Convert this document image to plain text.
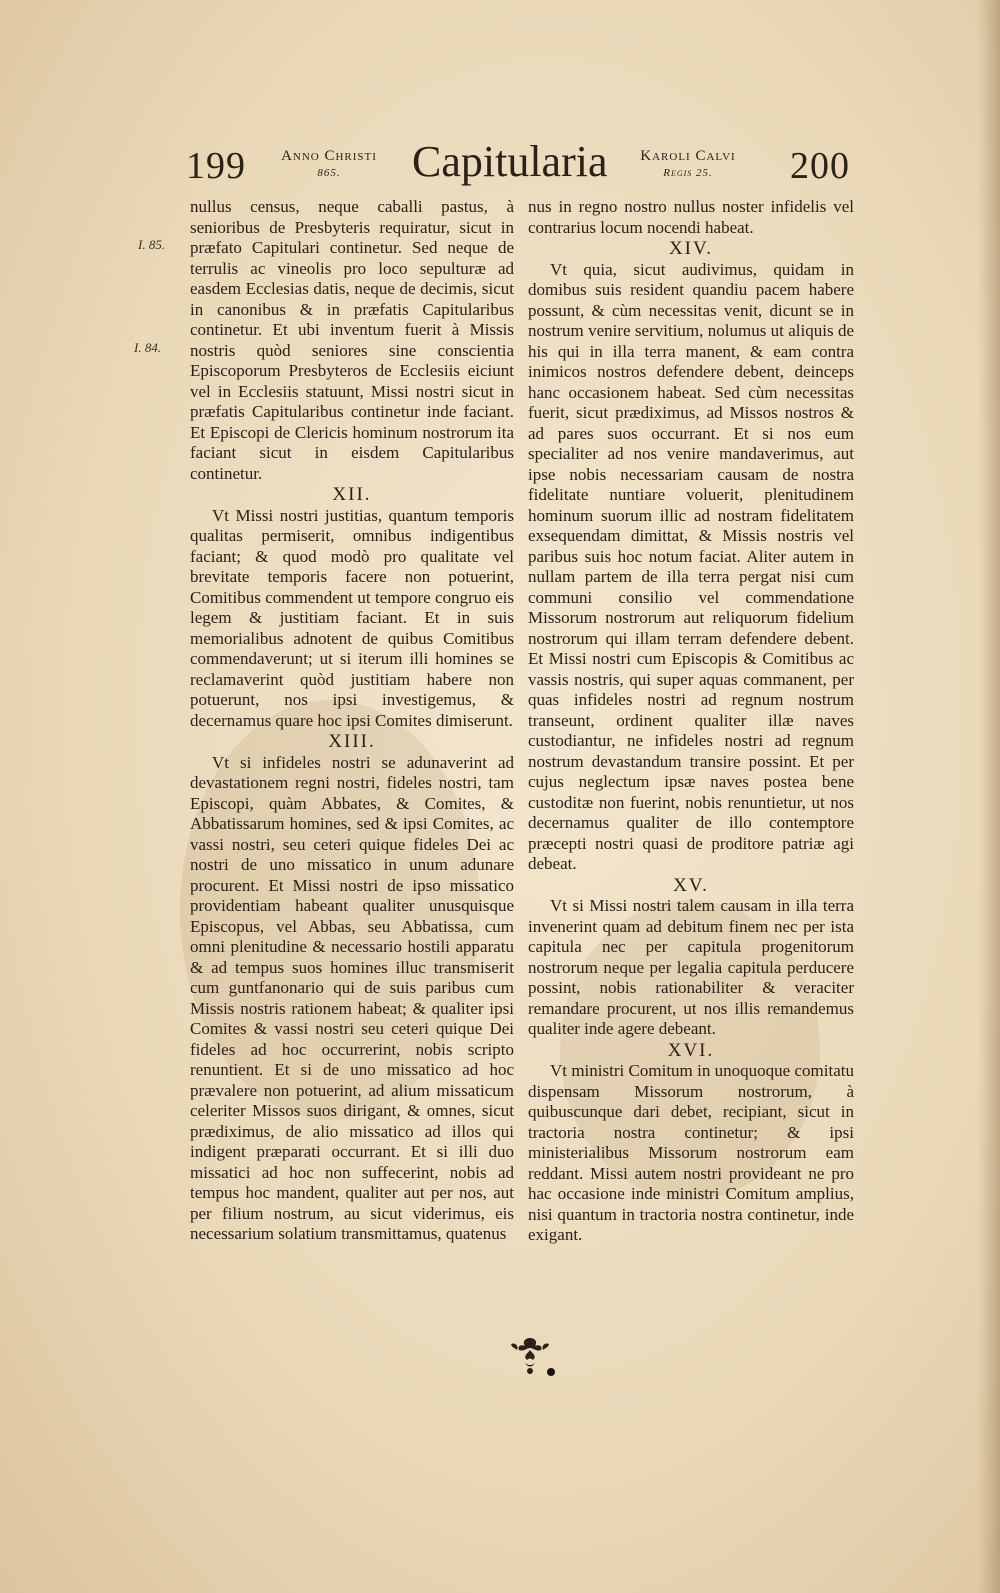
199	Anno Christi
865.	Capitularia	Karoli Calvi
Regis 25.	200
I. 85.
I. 84.

nullus census, neque caballi pastus, à senioribus de Presbyteris requiratur, sicut in præfato Capitulari continetur. Sed neque de terrulis ac vineolis pro loco sepulturæ ad easdem Ecclesias datis, neque de decimis, sicut in canonibus & in præfatis Capitularibus continetur. Et ubi inventum fuerit à Missis nostris quòd seniores sine conscientia Episcoporum Presbyteros de Ecclesiis eiciunt vel in Ecclesiis statuunt, Missi nostri sicut in præfatis Capitularibus continetur inde faciant. Et Episcopi de Clericis hominum nostrorum ita faciant sicut in eisdem Capitularibus continetur.

XII.

Vt Missi nostri justitias, quantum temporis qualitas permiserit, omnibus indigentibus faciant; & quod modò pro qualitate vel brevitate temporis facere non potuerint, Comitibus commendent ut tempore congruo eis legem & justitiam faciant. Et in suis memorialibus adnotent de quibus Comitibus commendaverunt; ut si iterum illi homines se reclamaverint quòd justitiam habere non potuerunt, nos ipsi investigemus, & decernamus quare hoc ipsi Comites dimiserunt.

XIII.

Vt si infideles nostri se adunaverint ad devastationem regni nostri, fideles nostri, tam Episcopi, quàm Abbates, & Comites, & Abbatissarum homines, sed & ipsi Comites, ac vassi nostri, seu ceteri quique fideles Dei ac nostri de uno missatico in unum adunare procurent. Et Missi nostri de ipso missatico providentiam habeant qualiter unusquisque Episcopus, vel Abbas, seu Abbatissa, cum omni plenitudine & necessario hostili apparatu & ad tempus suos homines illuc transmiserit cum guntfanonario qui de suis paribus cum Missis nostris rationem habeat; & qualiter ipsi Comites & vassi nostri seu ceteri quique Dei fideles ad hoc occurrerint, nobis scripto renuntient. Et si de uno missatico ad hoc prævalere non potuerint, ad alium missaticum celeriter Missos suos dirigant, & omnes, sicut prædiximus, de alio missatico ad illos qui indigent præparati occurrant. Et si illi duo missatici ad hoc non suffecerint, nobis ad tempus hoc mandent, qualiter aut per nos, aut per filium nostrum, au sicut viderimus, eis necessarium solatium transmittamus, quatenus

nus in regno nostro nullus noster infidelis vel contrarius locum nocendi habeat.

XIV.

Vt quia, sicut audivimus, quidam in domibus suis resident quandiu pacem habere possunt, & cùm necessitas venit, dicunt se in nostrum venire servitium, nolumus ut aliquis de his qui in illa terra manent, & eam contra inimicos nostros defendere debent, deinceps hanc occasionem habeat. Sed cùm necessitas fuerit, sicut prædiximus, ad Missos nostros & ad pares suos occurrant. Et si nos eum specialiter ad nos venire mandaverimus, aut ipse nobis necessariam causam de nostra fidelitate nuntiare voluerit, plenitudinem hominum suorum illic ad nostram fidelitatem exsequendam dimittat, & Missis nostris vel paribus suis hoc notum faciat. Aliter autem in nullam partem de illa terra pergat nisi cum communi consilio vel commendatione Missorum nostrorum aut reliquorum fidelium nostrorum qui illam terram defendere debent. Et Missi nostri cum Episcopis & Comitibus ac vassis nostris, qui super aquas commanent, per quas infideles nostri ad regnum nostrum transeunt, ordinent qualiter illæ naves custodiantur, ne infideles nostri ad regnum nostrum devastandum transire possint. Et per cujus neglectum ipsæ naves postea bene custoditæ non fuerint, nobis renuntietur, ut nos decernamus qualiter de illo contemptore præcepti nostri quasi de proditore patriæ agi debeat.

XV.

Vt si Missi nostri talem causam in illa terra invenerint quam ad debitum finem nec per ista capitula nec per capitula progenitorum nostrorum neque per legalia capitula perducere possint, nobis rationabiliter & veraciter remandare procurent, ut nos illis remandemus qualiter inde agere debeant.

XVI.

Vt ministri Comitum in unoquoque comitatu dispensam Missorum nostrorum, à quibuscunque dari debet, recipiant, sicut in tractoria nostra continetur; & ipsi ministerialibus Missorum nostrorum eam reddant. Missi autem nostri provideant ne pro hac occasione inde ministri Comitum amplius, nisi quantum in tractoria nostra continetur, inde exigant.
